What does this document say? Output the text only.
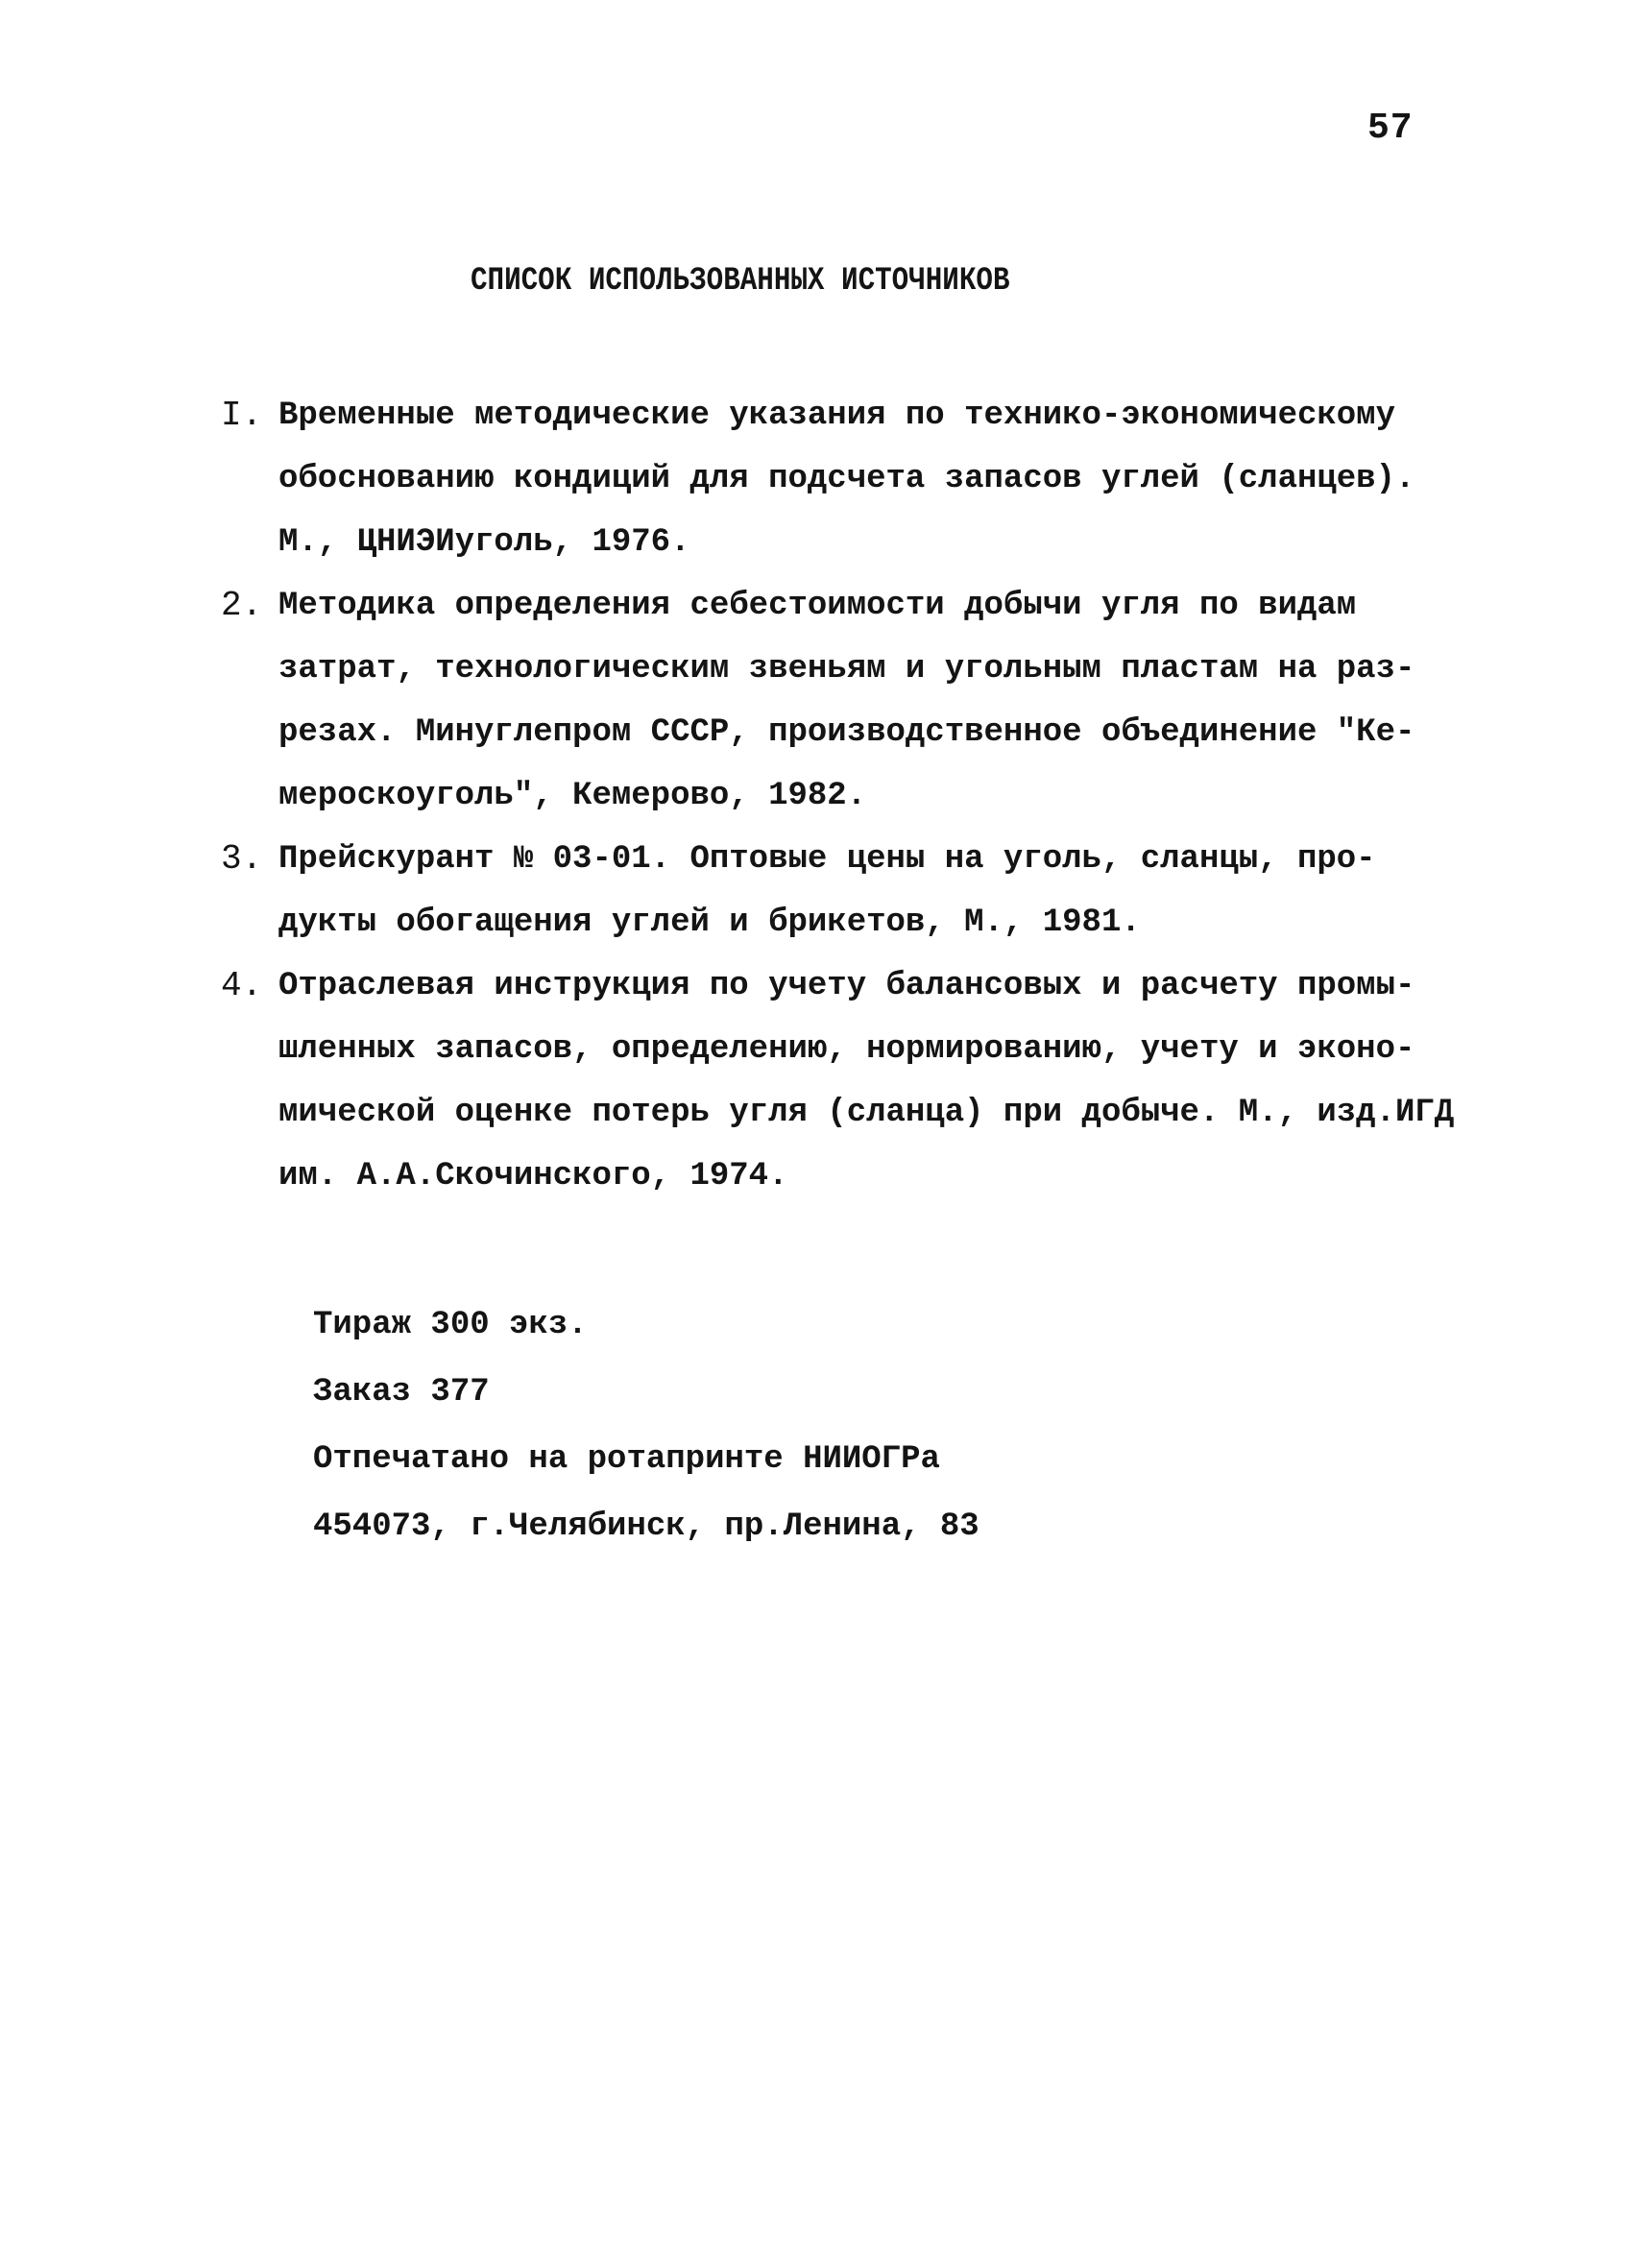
57
СПИСОК ИСПОЛЬЗОВАННЫХ ИСТОЧНИКОВ
I. Временные методические указания по технико-экономическому
обоснованию кондиций для подсчета запасов углей (сланцев).
М., ЦНИЭИуголь, 1976.
2. Методика определения себестоимости добычи угля по видам
затрат, технологическим звеньям и угольным пластам на раз-
резах. Минуглепром СССР, производственное объединение "Ке-
мероскоуголь", Кемерово, 1982.
3. Прейскурант № 03-01. Оптовые цены на уголь, сланцы, про-
дукты обогащения углей и брикетов, М., 1981.
4. Отраслевая инструкция по учету балансовых и расчету промы-
шленных запасов, определению, нормированию, учету и эконо-
мической оценке потерь угля (сланца) при добыче. М., изд.ИГД
им. А.А.Скочинского, 1974.
Тираж 300 экз.
Заказ 377
Отпечатано на ротапринте НИИОГРа
454073, г.Челябинск, пр.Ленина, 83
